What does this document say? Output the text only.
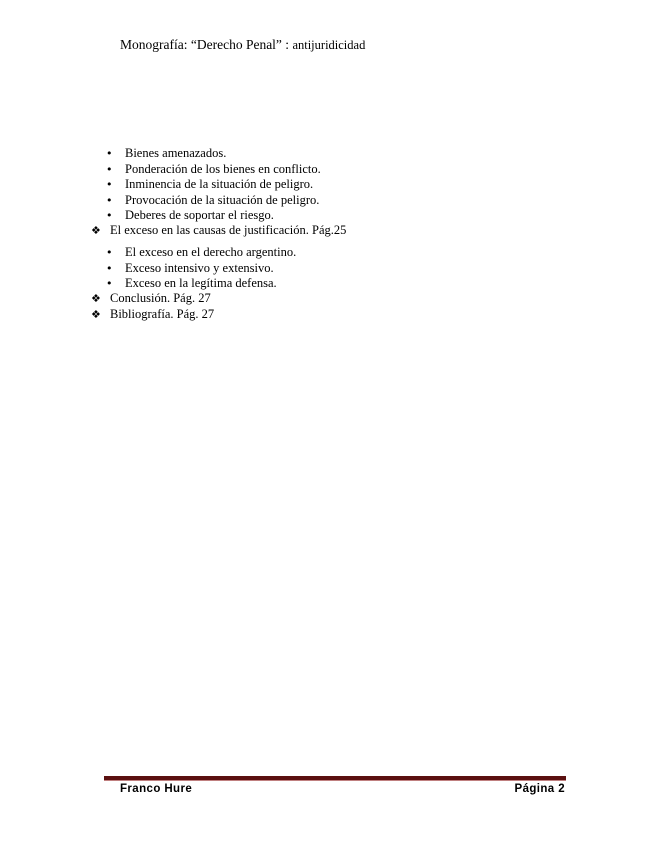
Monografía: “Derecho Penal” : antijuridicidad
•
Bienes amenazados.
•
Ponderación de los bienes en conflicto.
•
Inminencia de la situación de peligro.
•
Provocación de la situación de peligro.
•
Deberes de soportar el riesgo.
❖ El exceso en las causas de justificación. Pág.25
•
El exceso en el derecho argentino.
•
Exceso intensivo y extensivo.
•
Exceso en la legítima defensa.
❖ Conclusión. Pág. 27
❖ Bibliografía. Pág. 27
Franco Hure	Página 2
